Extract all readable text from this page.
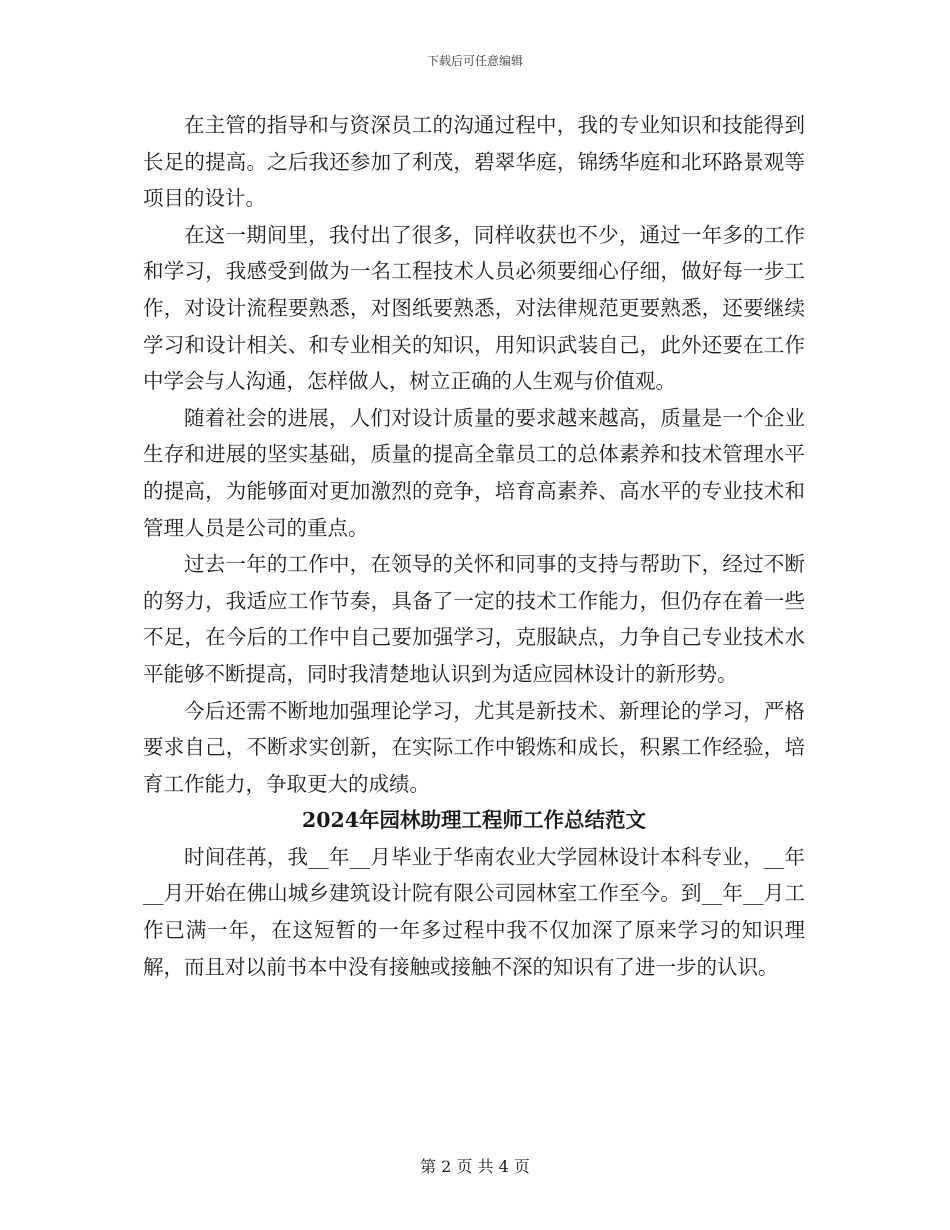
下载后可任意编辑

在主管的指导和与资深员工的沟通过程中，我的专业知识和技能得到长足的提高。之后我还参加了利茂，碧翠华庭，锦绣华庭和北环路景观等项目的设计。

在这一期间里，我付出了很多，同样收获也不少，通过一年多的工作和学习，我感受到做为一名工程技术人员必须要细心仔细，做好每一步工作，对设计流程要熟悉，对图纸要熟悉，对法律规范更要熟悉，还要继续学习和设计相关、和专业相关的知识，用知识武装自己，此外还要在工作中学会与人沟通，怎样做人，树立正确的人生观与价值观。

随着社会的进展，人们对设计质量的要求越来越高，质量是一个企业生存和进展的坚实基础，质量的提高全靠员工的总体素养和技术管理水平的提高，为能够面对更加激烈的竞争，培育高素养、高水平的专业技术和管理人员是公司的重点。

过去一年的工作中，在领导的关怀和同事的支持与帮助下，经过不断的努力，我适应工作节奏，具备了一定的技术工作能力，但仍存在着一些不足，在今后的工作中自己要加强学习，克服缺点，力争自己专业技术水平能够不断提高，同时我清楚地认识到为适应园林设计的新形势。

今后还需不断地加强理论学习，尤其是新技术、新理论的学习，严格要求自己，不断求实创新，在实际工作中锻炼和成长，积累工作经验，培育工作能力，争取更大的成绩。

2024年园林助理工程师工作总结范文

时间荏苒，我__年__月毕业于华南农业大学园林设计本科专业，__年__月开始在佛山城乡建筑设计院有限公司园林室工作至今。到__年__月工作已满一年，在这短暂的一年多过程中我不仅加深了原来学习的知识理解，而且对以前书本中没有接触或接触不深的知识有了进一步的认识。

第 2 页 共 4 页
